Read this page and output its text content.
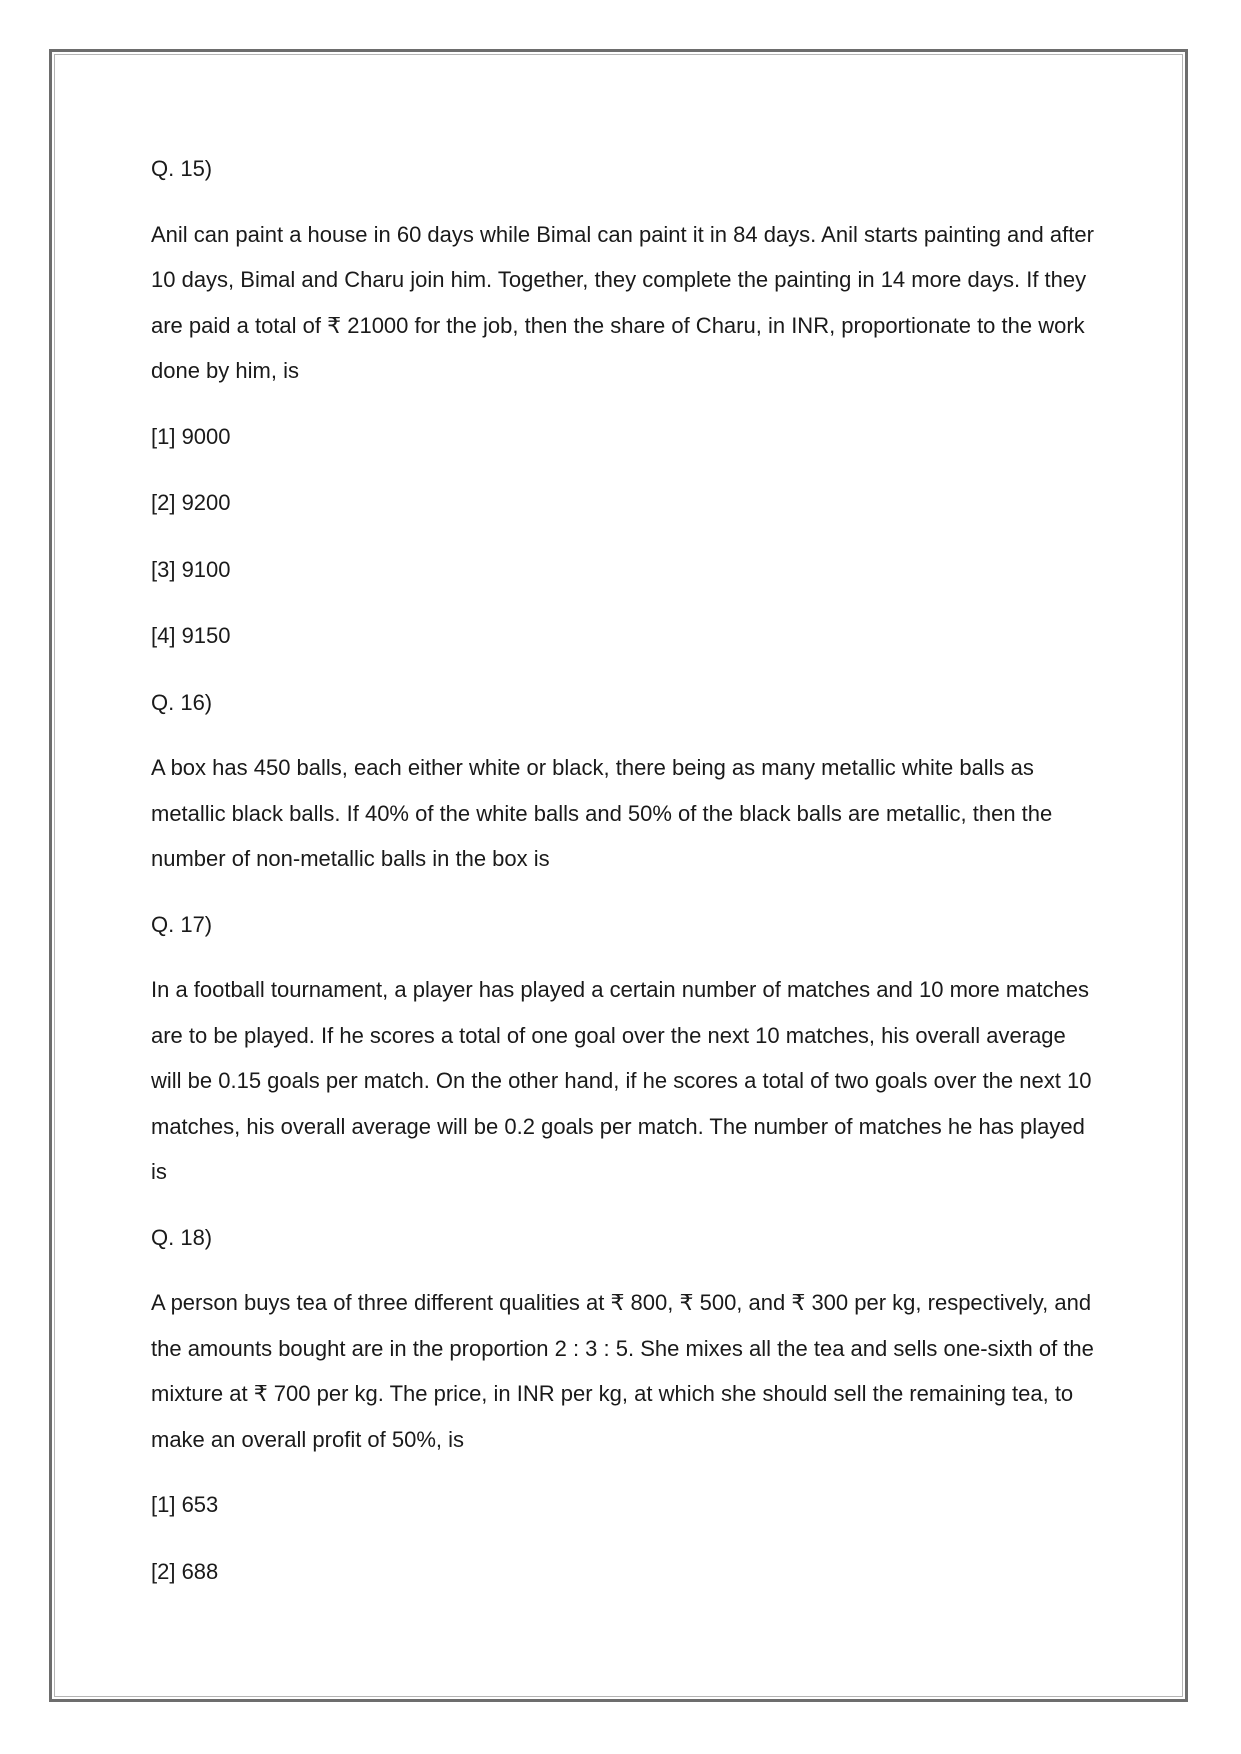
Q. 15)
Anil can paint a house in 60 days while Bimal can paint it in 84 days. Anil starts painting and after 10 days, Bimal and Charu join him. Together, they complete the painting in 14 more days. If they are paid a total of ₹ 21000 for the job, then the share of Charu, in INR, proportionate to the work done by him, is
[1] 9000
[2] 9200
[3] 9100
[4] 9150
Q. 16)
A box has 450 balls, each either white or black, there being as many metallic white balls as metallic black balls. If 40% of the white balls and 50% of the black balls are metallic, then the number of non-metallic balls in the box is
Q. 17)
In a football tournament, a player has played a certain number of matches and 10 more matches are to be played. If he scores a total of one goal over the next 10 matches, his overall average will be 0.15 goals per match. On the other hand, if he scores a total of two goals over the next 10 matches, his overall average will be 0.2 goals per match. The number of matches he has played is
Q. 18)
A person buys tea of three different qualities at ₹ 800, ₹ 500, and ₹ 300 per kg, respectively, and the amounts bought are in the proportion 2 : 3 : 5. She mixes all the tea and sells one-sixth of the mixture at ₹ 700 per kg. The price, in INR per kg, at which she should sell the remaining tea, to make an overall profit of 50%, is
[1] 653
[2] 688
